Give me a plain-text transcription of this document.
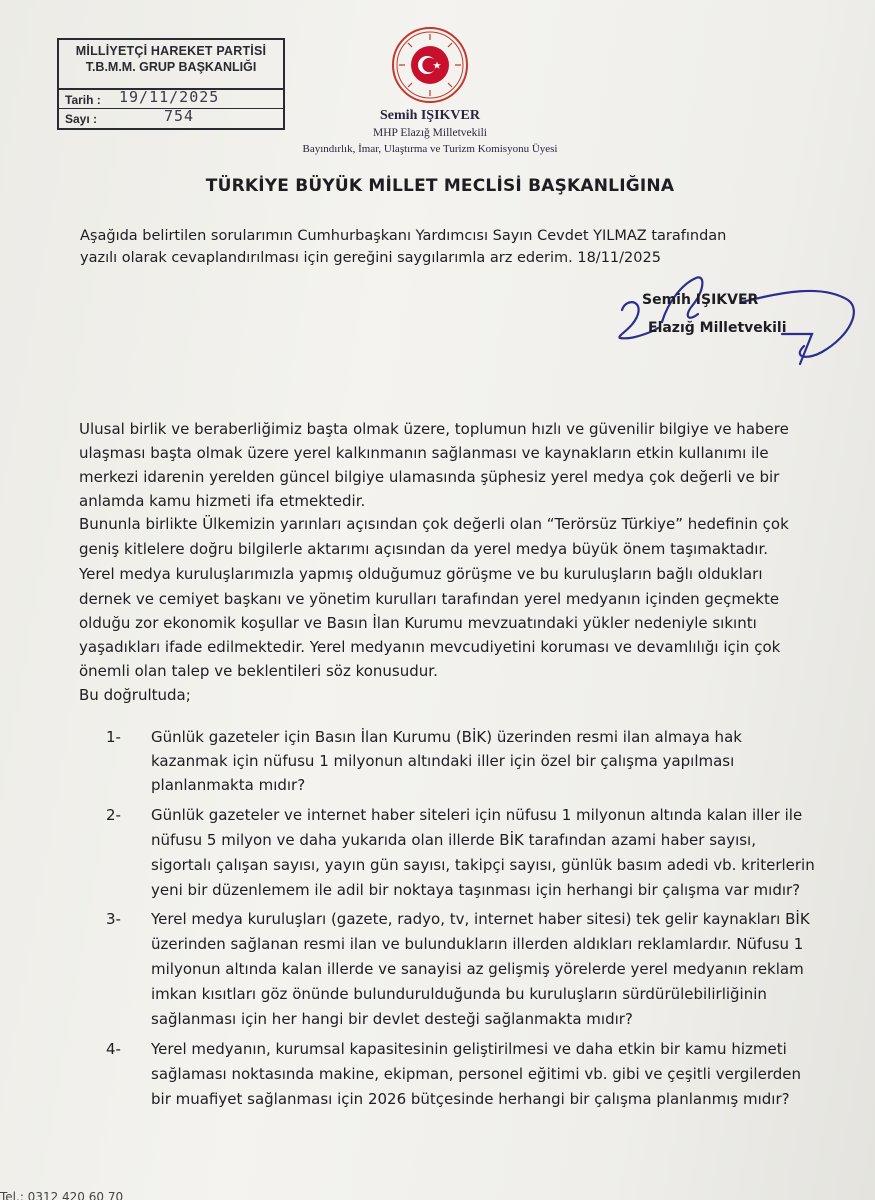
MİLLİYETÇİ HAREKET PARTİSİ
T.B.M.M. GRUP BAŞKANLIĞI
Tarih : 19/11/2025
Sayı :	754	Semih IŞIKVER
MHP Elazığ Milletvekili
Bayındırlık, İmar, Ulaştırma ve Turizm Komisyonu Üyesi
TÜRKİYE BÜYÜK MİLLET MECLİSİ BAŞKANLIĞINA
Aşağıda belirtilen sorularımın Cumhurbaşkanı Yardımcısı Sayın Cevdet YILMAZ tarafından
yazılı olarak cevaplandırılması için gereğini saygılarımla arz ederim. 18/11/2025
Semih IŞIKVER
Elazığ Milletvekili
Ulusal birlik ve beraberliğimiz başta olmak üzere, toplumun hızlı ve güvenilir bilgiye ve habere
ulaşması başta olmak üzere yerel kalkınmanın sağlanması ve kaynakların etkin kullanımı ile
merkezi idarenin yerelden güncel bilgiye ulamasında şüphesiz yerel medya çok değerli ve bir
anlamda kamu hizmeti ifa etmektedir.
Bununla birlikte Ülkemizin yarınları açısından çok değerli olan “Terörsüz Türkiye” hedefinin çok
geniş kitlelere doğru bilgilerle aktarımı açısından da yerel medya büyük önem taşımaktadır.
Yerel medya kuruluşlarımızla yapmış olduğumuz görüşme ve bu kuruluşların bağlı oldukları
dernek ve cemiyet başkanı ve yönetim kurulları tarafından yerel medyanın içinden geçmekte
olduğu zor ekonomik koşullar ve Basın İlan Kurumu mevzuatındaki yükler nedeniyle sıkıntı
yaşadıkları ifade edilmektedir. Yerel medyanın mevcudiyetini koruması ve devamlılığı için çok
önemli olan talep ve beklentileri söz konusudur.
Bu doğrultuda;
1- Günlük gazeteler için Basın İlan Kurumu (BİK) üzerinden resmi ilan almaya hak
kazanmak için nüfusu 1 milyonun altındaki iller için özel bir çalışma yapılması
planlanmakta mıdır?
2- Günlük gazeteler ve internet haber siteleri için nüfusu 1 milyonun altında kalan iller ile
nüfusu 5 milyon ve daha yukarıda olan illerde BİK tarafından azami haber sayısı,
sigortalı çalışan sayısı, yayın gün sayısı, takipçi sayısı, günlük basım adedi vb. kriterlerin
yeni bir düzenlemem ile adil bir noktaya taşınması için herhangi bir çalışma var mıdır?
3- Yerel medya kuruluşları (gazete, radyo, tv, internet haber sitesi) tek gelir kaynakları BİK
üzerinden sağlanan resmi ilan ve bulundukların illerden aldıkları reklamlardır. Nüfusu 1
milyonun altında kalan illerde ve sanayisi az gelişmiş yörelerde yerel medyanın reklam
imkan kısıtları göz önünde bulundurulduğunda bu kuruluşların sürdürülebilirliğinin
sağlanması için her hangi bir devlet desteği sağlanmakta mıdır?
4- Yerel medyanın, kurumsal kapasitesinin geliştirilmesi ve daha etkin bir kamu hizmeti
sağlaması noktasında makine, ekipman, personel eğitimi vb. gibi ve çeşitli vergilerden
bir muafiyet sağlanması için 2026 bütçesinde herhangi bir çalışma planlanmış mıdır?
Tel.: 0312 420 60 70
